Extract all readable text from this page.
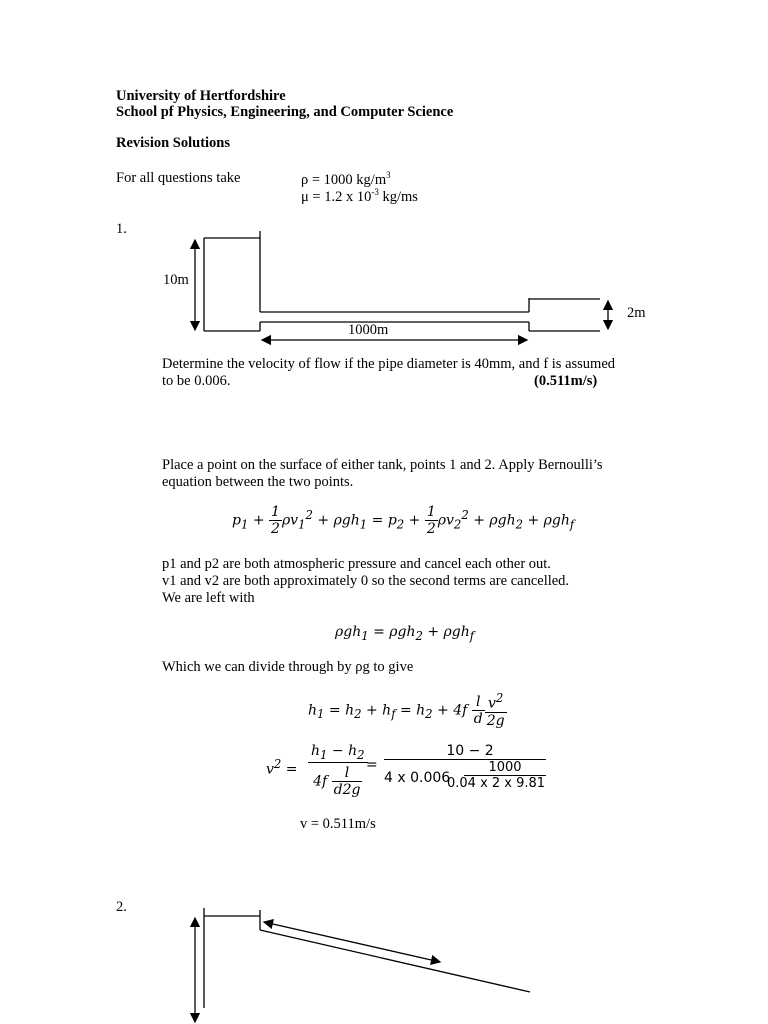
University of Hertfordshire
School pf Physics, Engineering, and Computer Science
Revision Solutions
For all questions take	ρ = 1000 $kg/m^3$
μ = 1.2 x $10^{-3}$ kg/ms
1.
10m
2m
1000m
Determine the velocity of flow if the pipe diameter is 40mm, and f is assumed
to be 0.006.	(0.511m/s)
Place a point on the surface of either tank, points 1 and 2. Apply Bernoulli’s
equation between the two points.
$p_1 + \frac{1}{2} \rho v_1^2 + \rho gh_1 = p_2 + \frac{1}{2} \rho v_2^2 + \rho gh_2 + \rho gh_f$
p1 and p2 are both atmospheric pressure and cancel each other out.
v1 and v2 are both approximately 0 so the second terms are cancelled.
We are left with
ρgh$_1$ = ρgh$_2$ + ρgh$_f$
Which we can divide through by ρg to give
$h_1 = h_2 + h_f = h_2 + 4f \frac{l}{d} \frac{v^2}{2g}$
$v^2$ =
$h_1 - h_2$
$4f \frac{l}{d2g}$ =
10 − 2
4 x 0.006
1000
0.04 x 2 x 9.81
v = 0.511m/s
2.
